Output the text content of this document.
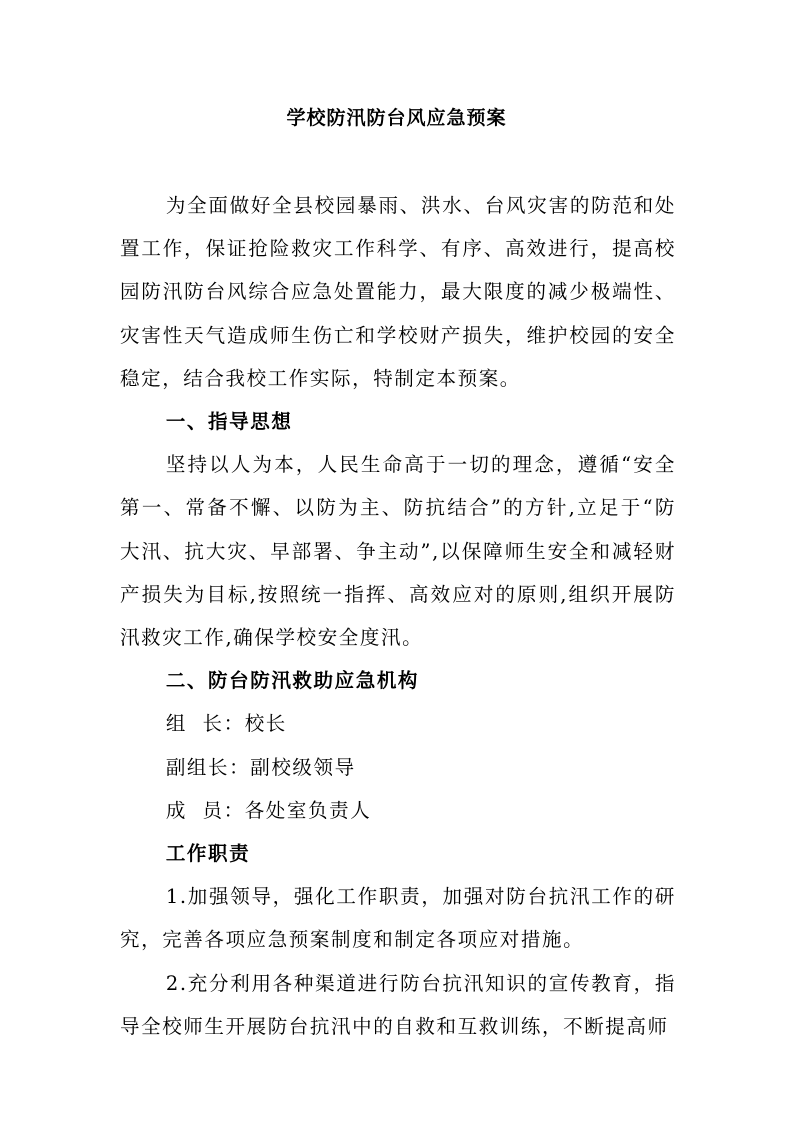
学校防汛防台风应急预案

为全面做好全县校园暴雨、洪水、台风灾害的防范和处置工作，保证抢险救灾工作科学、有序、高效进行，提高校园防汛防台风综合应急处置能力，最大限度的减少极端性、灾害性天气造成师生伤亡和学校财产损失，维护校园的安全稳定，结合我校工作实际，特制定本预案。

一、指导思想

坚持以人为本，人民生命高于一切的理念，遵循“安全第一、常备不懈、以防为主、防抗结合”的方针,立足于“防大汛、抗大灾、早部署、争主动”,以保障师生安全和减轻财产损失为目标,按照统一指挥、高效应对的原则,组织开展防汛救灾工作,确保学校安全度汛。

二、防台防汛救助应急机构

组  长：校长

副组长：副校级领导

成  员：各处室负责人

工作职责

1.加强领导，强化工作职责，加强对防台抗汛工作的研究，完善各项应急预案制度和制定各项应对措施。

2.充分利用各种渠道进行防台抗汛知识的宣传教育，指导全校师生开展防台抗汛中的自救和互救训练，不断提高师
